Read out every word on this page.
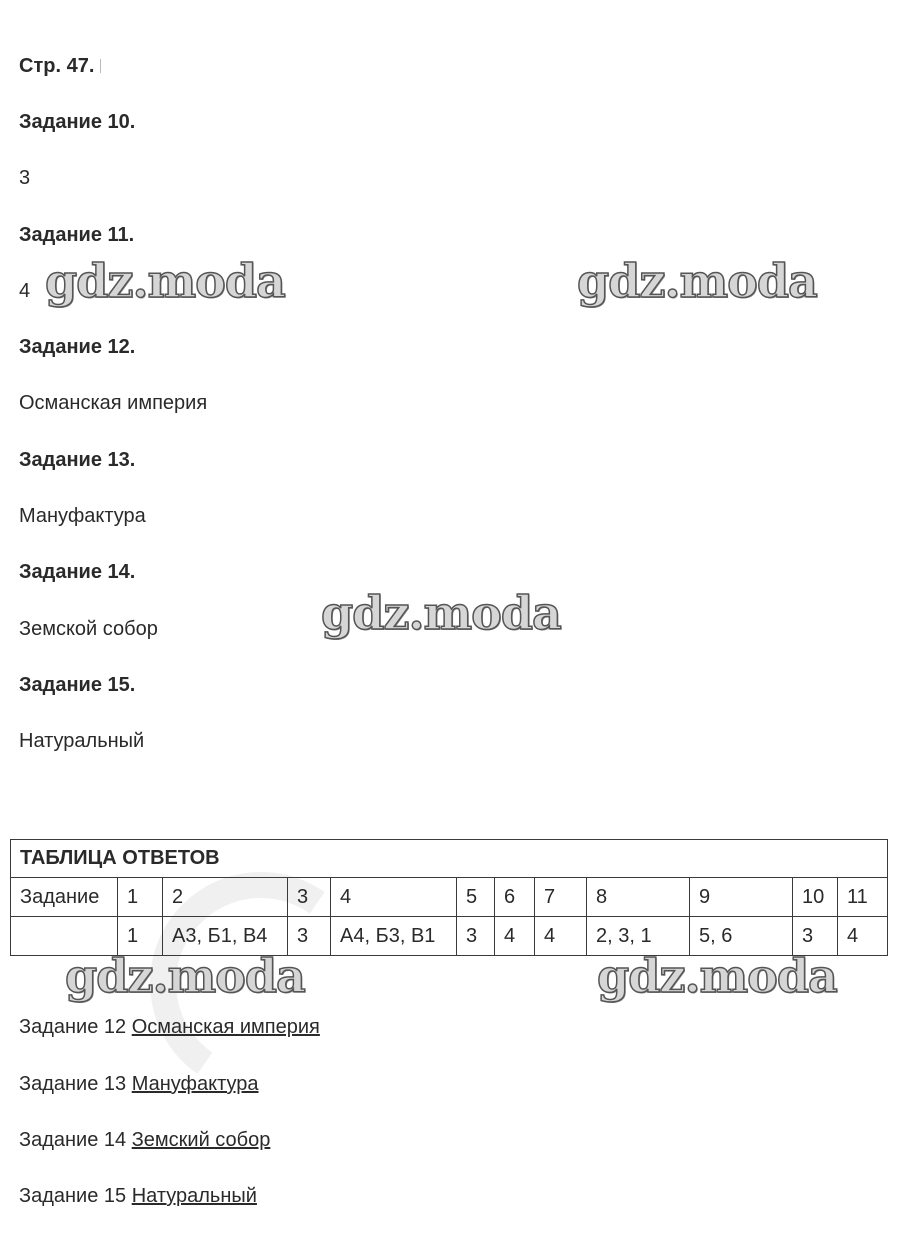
Стр. 47.
Задание 10.
3
Задание 11.
4
Задание 12.
Османская империя
Задание 13.
Мануфактура
Задание 14.
Земской собор
Задание 15.
Натуральный
ТАБЛИЦА ОТВЕТОВ											
Задание	1	2	3	4	5	6	7	8	9	10	11
	1	А3, Б1, В4	3	А4, Б3, В1	3	4	4	2, 3, 1	5, 6	3	4
Задание 12 Османская империя
Задание 13 Мануфактура
Задание 14 Земский собор
Задание 15 Натуральный
gdz.moda	gdz.moda
gdz.moda
gdz.moda	gdz.moda
